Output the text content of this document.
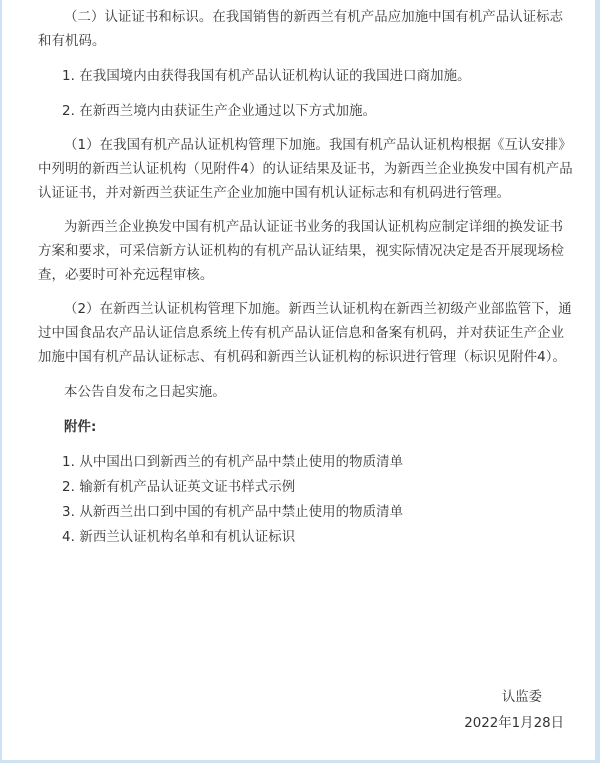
（二）认证证书和标识。在我国销售的新西兰有机产品应加施中国有机产品认证标志和有机码。

1. 在我国境内由获得我国有机产品认证机构认证的我国进口商加施。

2. 在新西兰境内由获证生产企业通过以下方式加施。

（1）在我国有机产品认证机构管理下加施。我国有机产品认证机构根据《互认安排》中列明的新西兰认证机构（见附件4）的认证结果及证书，为新西兰企业换发中国有机产品认证证书，并对新西兰获证生产企业加施中国有机认证标志和有机码进行管理。

为新西兰企业换发中国有机产品认证证书业务的我国认证机构应制定详细的换发证书方案和要求，可采信新方认证机构的有机产品认证结果，视实际情况决定是否开展现场检查，必要时可补充远程审核。

（2）在新西兰认证机构管理下加施。新西兰认证机构在新西兰初级产业部监管下，通过中国食品农产品认证信息系统上传有机产品认证信息和备案有机码，并对获证生产企业加施中国有机产品认证标志、有机码和新西兰认证机构的标识进行管理（标识见附件4）。

本公告自发布之日起实施。

附件:

1. 从中国出口到新西兰的有机产品中禁止使用的物质清单

2. 输新有机产品认证英文证书样式示例

3. 从新西兰出口到中国的有机产品中禁止使用的物质清单

4. 新西兰认证机构名单和有机认证标识

认监委
2022年1月28日
